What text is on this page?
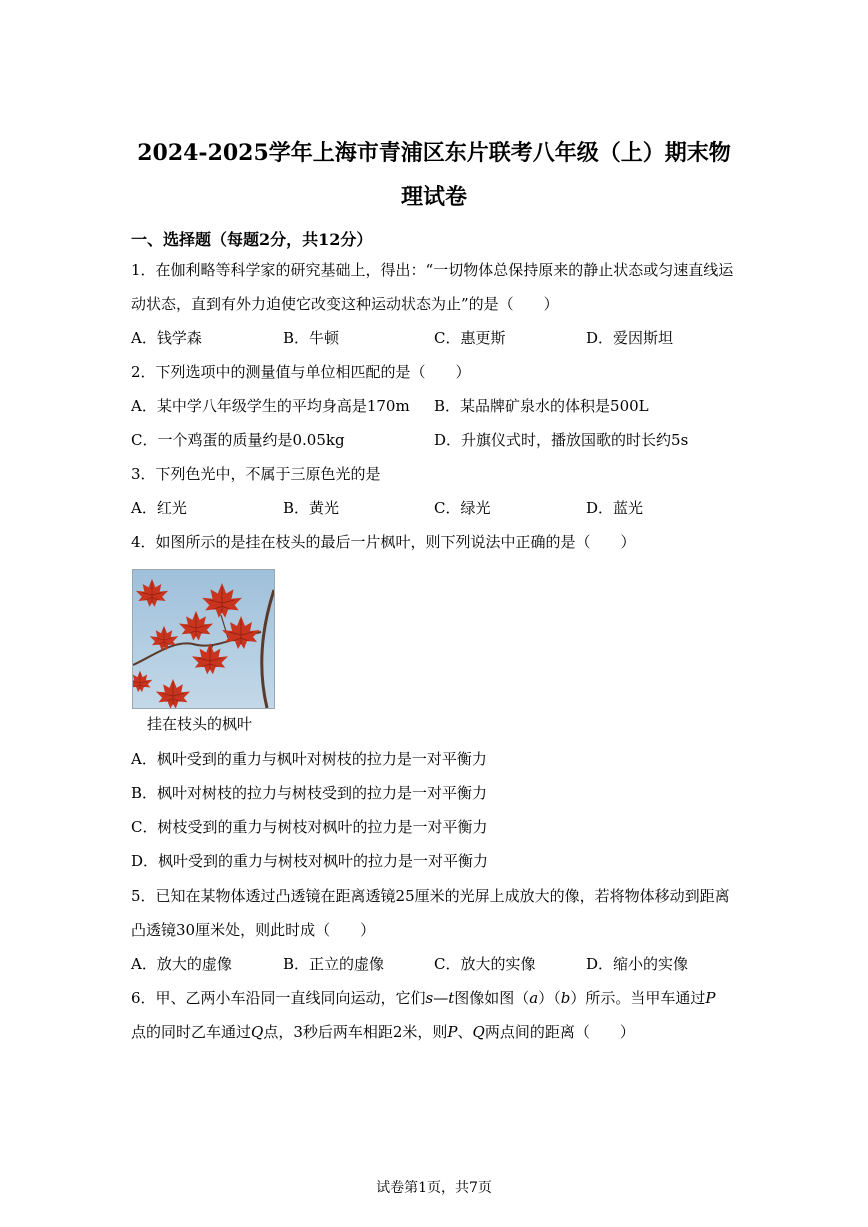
2024-2025学年上海市青浦区东片联考八年级（上）期末物
理试卷
一、选择题（每题2分，共12分）
1．在伽利略等科学家的研究基础上，得出：“一切物体总保持原来的静止状态或匀速直线运
动状态，直到有外力迫使它改变这种运动状态为止”的是（　　）
A．钱学森	B．牛顿	C．惠更斯	D．爱因斯坦
2．下列选项中的测量值与单位相匹配的是（　　）
A．某中学八年级学生的平均身高是170m B．某品牌矿泉水的体积是500L
C．一个鸡蛋的质量约是0.05kg	D．升旗仪式时，播放国歌的时长约5s
3．下列色光中，不属于三原色光的是
A．红光	B．黄光	C．绿光	D．蓝光
4．如图所示的是挂在枝头的最后一片枫叶，则下列说法中正确的是（　　）
挂在枝头的枫叶
A．枫叶受到的重力与枫叶对树枝的拉力是一对平衡力
B．枫叶对树枝的拉力与树枝受到的拉力是一对平衡力
C．树枝受到的重力与树枝对枫叶的拉力是一对平衡力
D．枫叶受到的重力与树枝对枫叶的拉力是一对平衡力
5．已知在某物体透过凸透镜在距离透镜25厘米的光屏上成放大的像，若将物体移动到距离
凸透镜30厘米处，则此时成（　　）
A．放大的虚像	B．正立的虚像	C．放大的实像	D．缩小的实像
6．甲、乙两小车沿同一直线同向运动，它们s—t图像如图（a）（b）所示。当甲车通过P
点的同时乙车通过Q点，3秒后两车相距2米，则P、Q两点间的距离（　　）
试卷第1页，共7页
